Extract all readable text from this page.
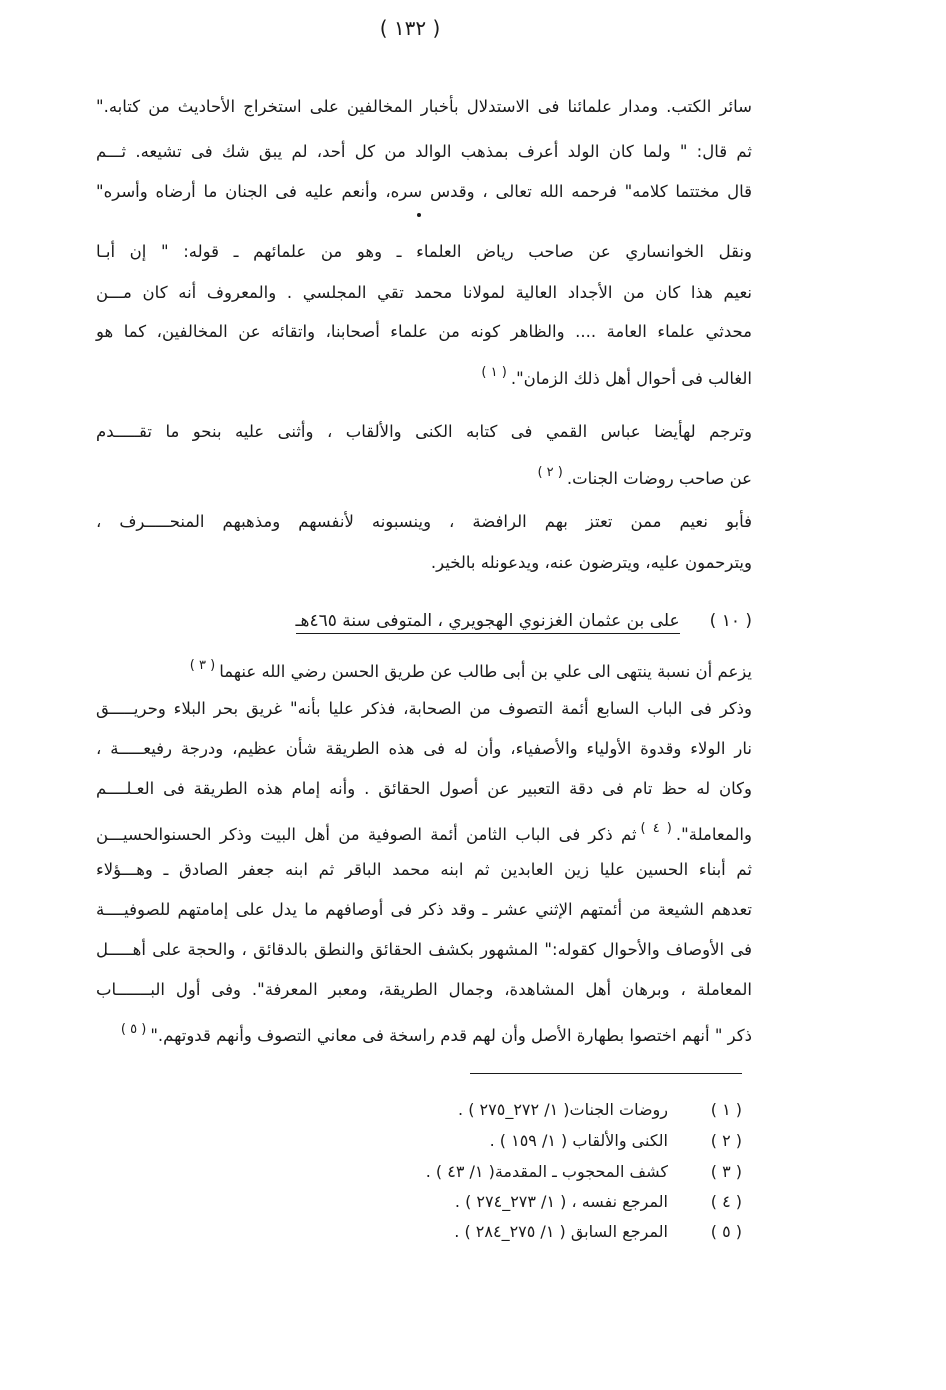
( ١٣٢ )
سائر الكتب. ومدار علمائنا فى الاستدلال بأخبار المخالفين على استخراج الأحاديث من كتابه."
ثم قال: " ولما كان الولد أعرف بمذهب الوالد من كل أحد، لم يبق شك فى تشيعه. ثـــم
قال مختتما كلامه" فرحمه الله تعالى ، وقدس سره، وأنعم عليه فى الجنان ما أرضاه وأسره"
ونقل الخوانساري عن صاحب رياض العلماء ـ وهو من علمائهم ـ قوله: " إن أبـا
نعيم هذا كان من الأجداد العالية لمولانا محمد تقي المجلسي . والمعروف أنه كان مـــن
محدثي علماء العامة .... والظاهر كونه من علماء أصحابنا، واتقائه عن المخالفين، كما هو
الغالب فى أحوال أهل ذلك الزمان".$^{( ١ )}$
وترجم لهأيضا عباس القمي فى كتابه الكنى والألقاب ، وأثنى عليه بنحو ما تقـــــدم
عن صاحب روضات الجنات.$^{( ٢ )}$
فأبو نعيم ممن تعتز بهم الرافضة ، وينسبونه لأنفسهم ومذهبهم المنحـــــرف ،
ويترحمون عليه، ويترضون عنه، ويدعونله بالخير.
( ١٠ )على بن عثمان الغزنوي الهجويري ، المتوفى سنة ٤٦٥هـ
يزعم أن نسبة ينتهى الى علي بن أبى طالب عن طريق الحسن رضي الله عنهما$^{( ٣ )}$
وذكر فى الباب السابع أئمة التصوف من الصحابة، فذكر عليا بأنه" غريق بحر البلاء وحريـــــق
نار الولاء وقدوة الأولياء والأصفياء، وأن له فى هذه الطريقة شأن عظيم، ودرجة رفيعـــــة ،
وكان له حظ تام فى دقة التعبير عن أصول الحقائق . وأنه إمام هذه الطريقة فى العـلــــم
والمعاملة".$^{( ٤ )}$ثم ذكر فى الباب الثامن أئمة الصوفية من أهل البيت وذكر الحسنوالحسيـــن
ثم أبناء الحسين عليا زين العابدين ثم ابنه محمد الباقر ثم ابنه جعفر الصادق ـ وهـــؤلاء
تعدهم الشيعة من أئمتهم الإثني عشر ـ وقد ذكر فى أوصافهم ما يدل على إمامتهم للصوفيــــة
فى الأوصاف والأحوال كقوله:" المشهور بكشف الحقائق والنطق بالدقائق ، والحجة على أهـــــل
المعاملة ، وبرهان أهل المشاهدة، وجمال الطريقة، ومعبر المعرفة". وفى أول البـــــــاب
ذكر " أنهم اختصوا بطهارة الأصل وأن لهم قدم راسخة فى معاني التصوف وأنهم قدوتهم."$^{( ٥ )}$
( ١ )روضات الجنات( ١/ ٢٧٢_٢٧٥ ) .
( ٢ )الكنى والألقاب ( ١/ ١٥٩ ) .
( ٣ )كشف المحجوب ـ المقدمة( ١/ ٤٣ ) .
( ٤ )المرجع نفسه ، ( ١/ ٢٧٣_٢٧٤ ) .
( ٥ )المرجع السابق ( ١/ ٢٧٥_٢٨٤ ) .
